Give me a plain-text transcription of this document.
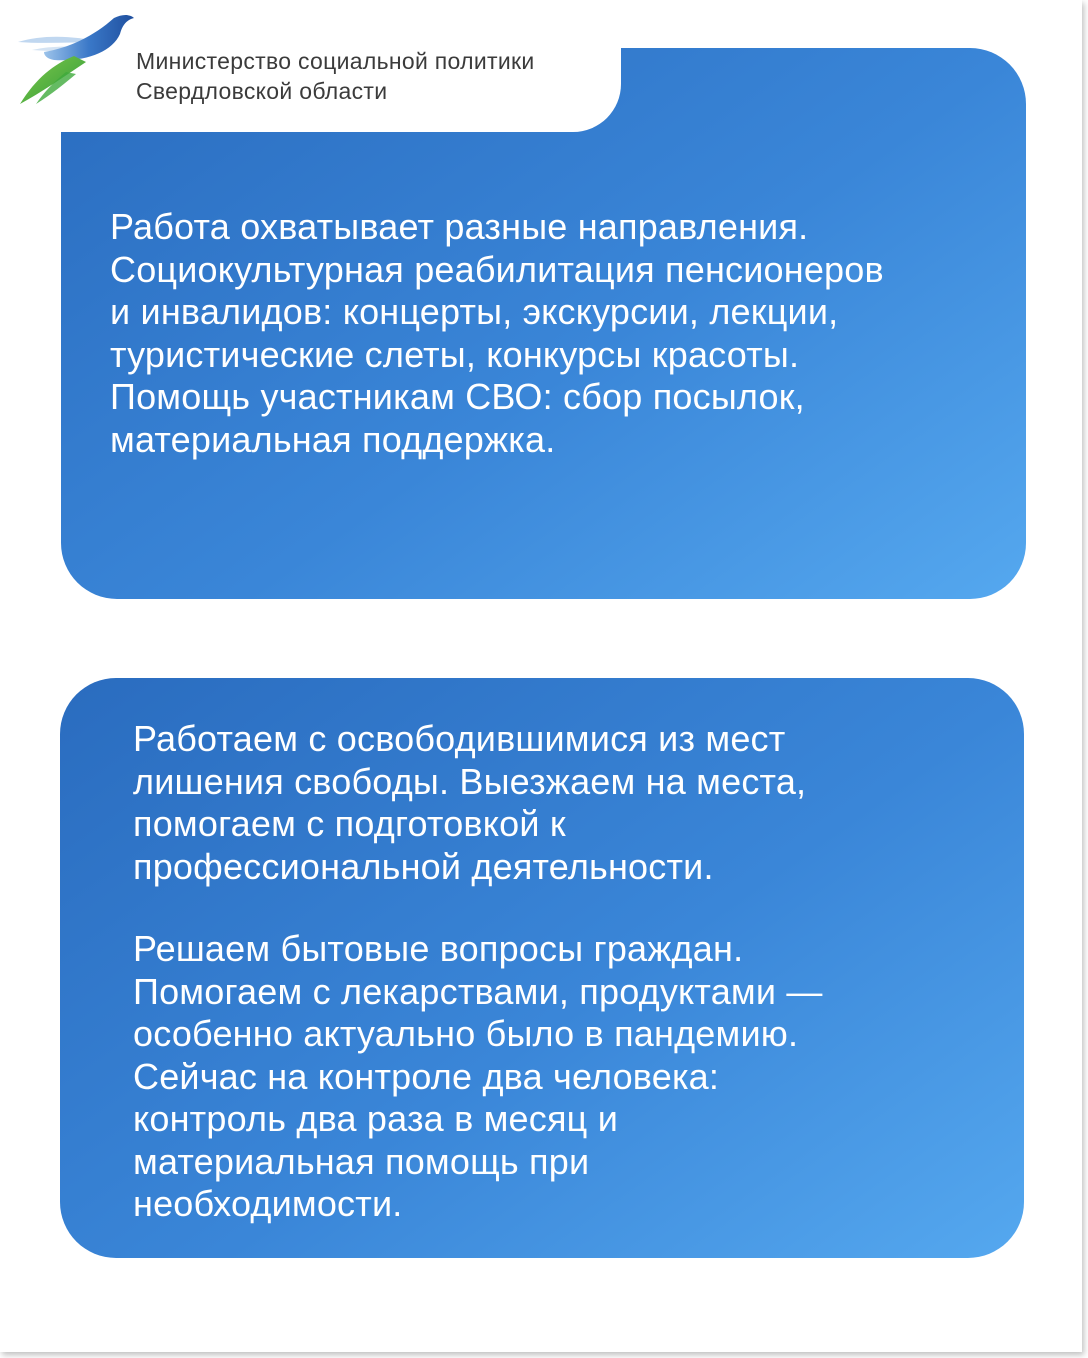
Министерство социальной политики
Свердловской области
Работа охватывает разные направления.
Социокультурная реабилитация пенсионеров
и инвалидов: концерты, экскурсии, лекции,
туристические слеты, конкурсы красоты.
Помощь участникам СВО: сбор посылок,
материальная поддержка.
Работаем с освободившимися из мест
лишения свободы. Выезжаем на места,
помогаем с подготовкой к
профессиональной деятельности.
Решаем бытовые вопросы граждан.
Помогаем с лекарствами, продуктами —
особенно актуально было в пандемию.
Сейчас на контроле два человека:
контроль два раза в месяц и
материальная помощь при
необходимости.
